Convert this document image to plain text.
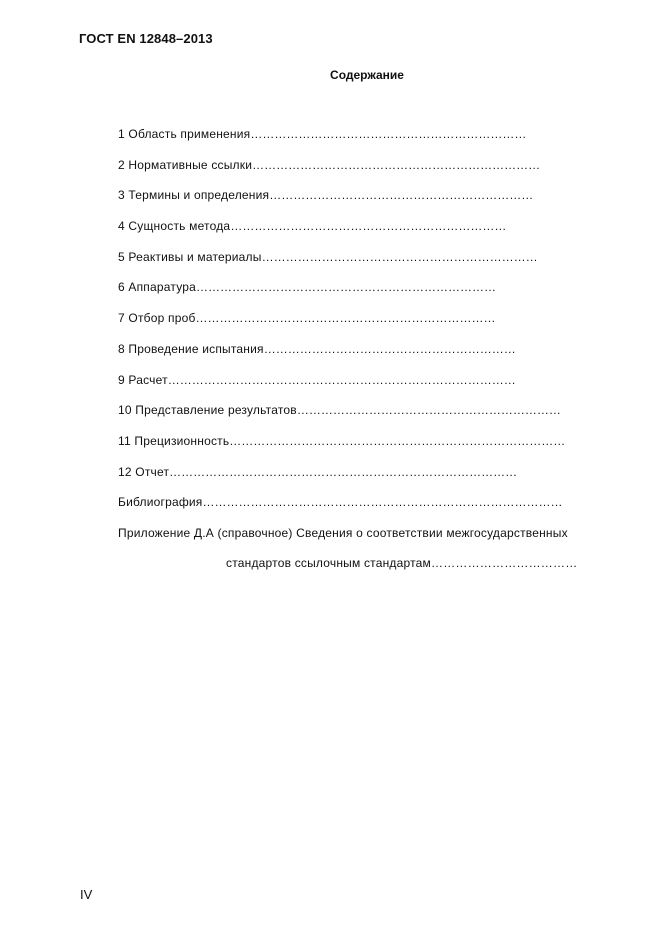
ГОСТ EN 12848–2013
Содержание
1 Область применения……………………………………………………………
2 Нормативные ссылки………………………………………………………………
3 Термины и определения…………………………………………………………
4 Сущность метода……………………………………………………………
5 Реактивы и материалы……………………………………………………………
6 Аппаратура…………………………………………………………………
7 Отбор проб…………………………………………………………………
8 Проведение испытания………………………………………………………
9 Расчет……………………………………………………………………………
10 Представление результатов…………………………………………………………
11 Прецизионность…………………………………………………………………………
12 Отчет……………………………………………………………………………
Библиография………………………………………………………………………………
Приложение Д.А (справочное) Сведения о соответствии межгосударственных
стандартов ссылочным стандартам………………………………
IV
